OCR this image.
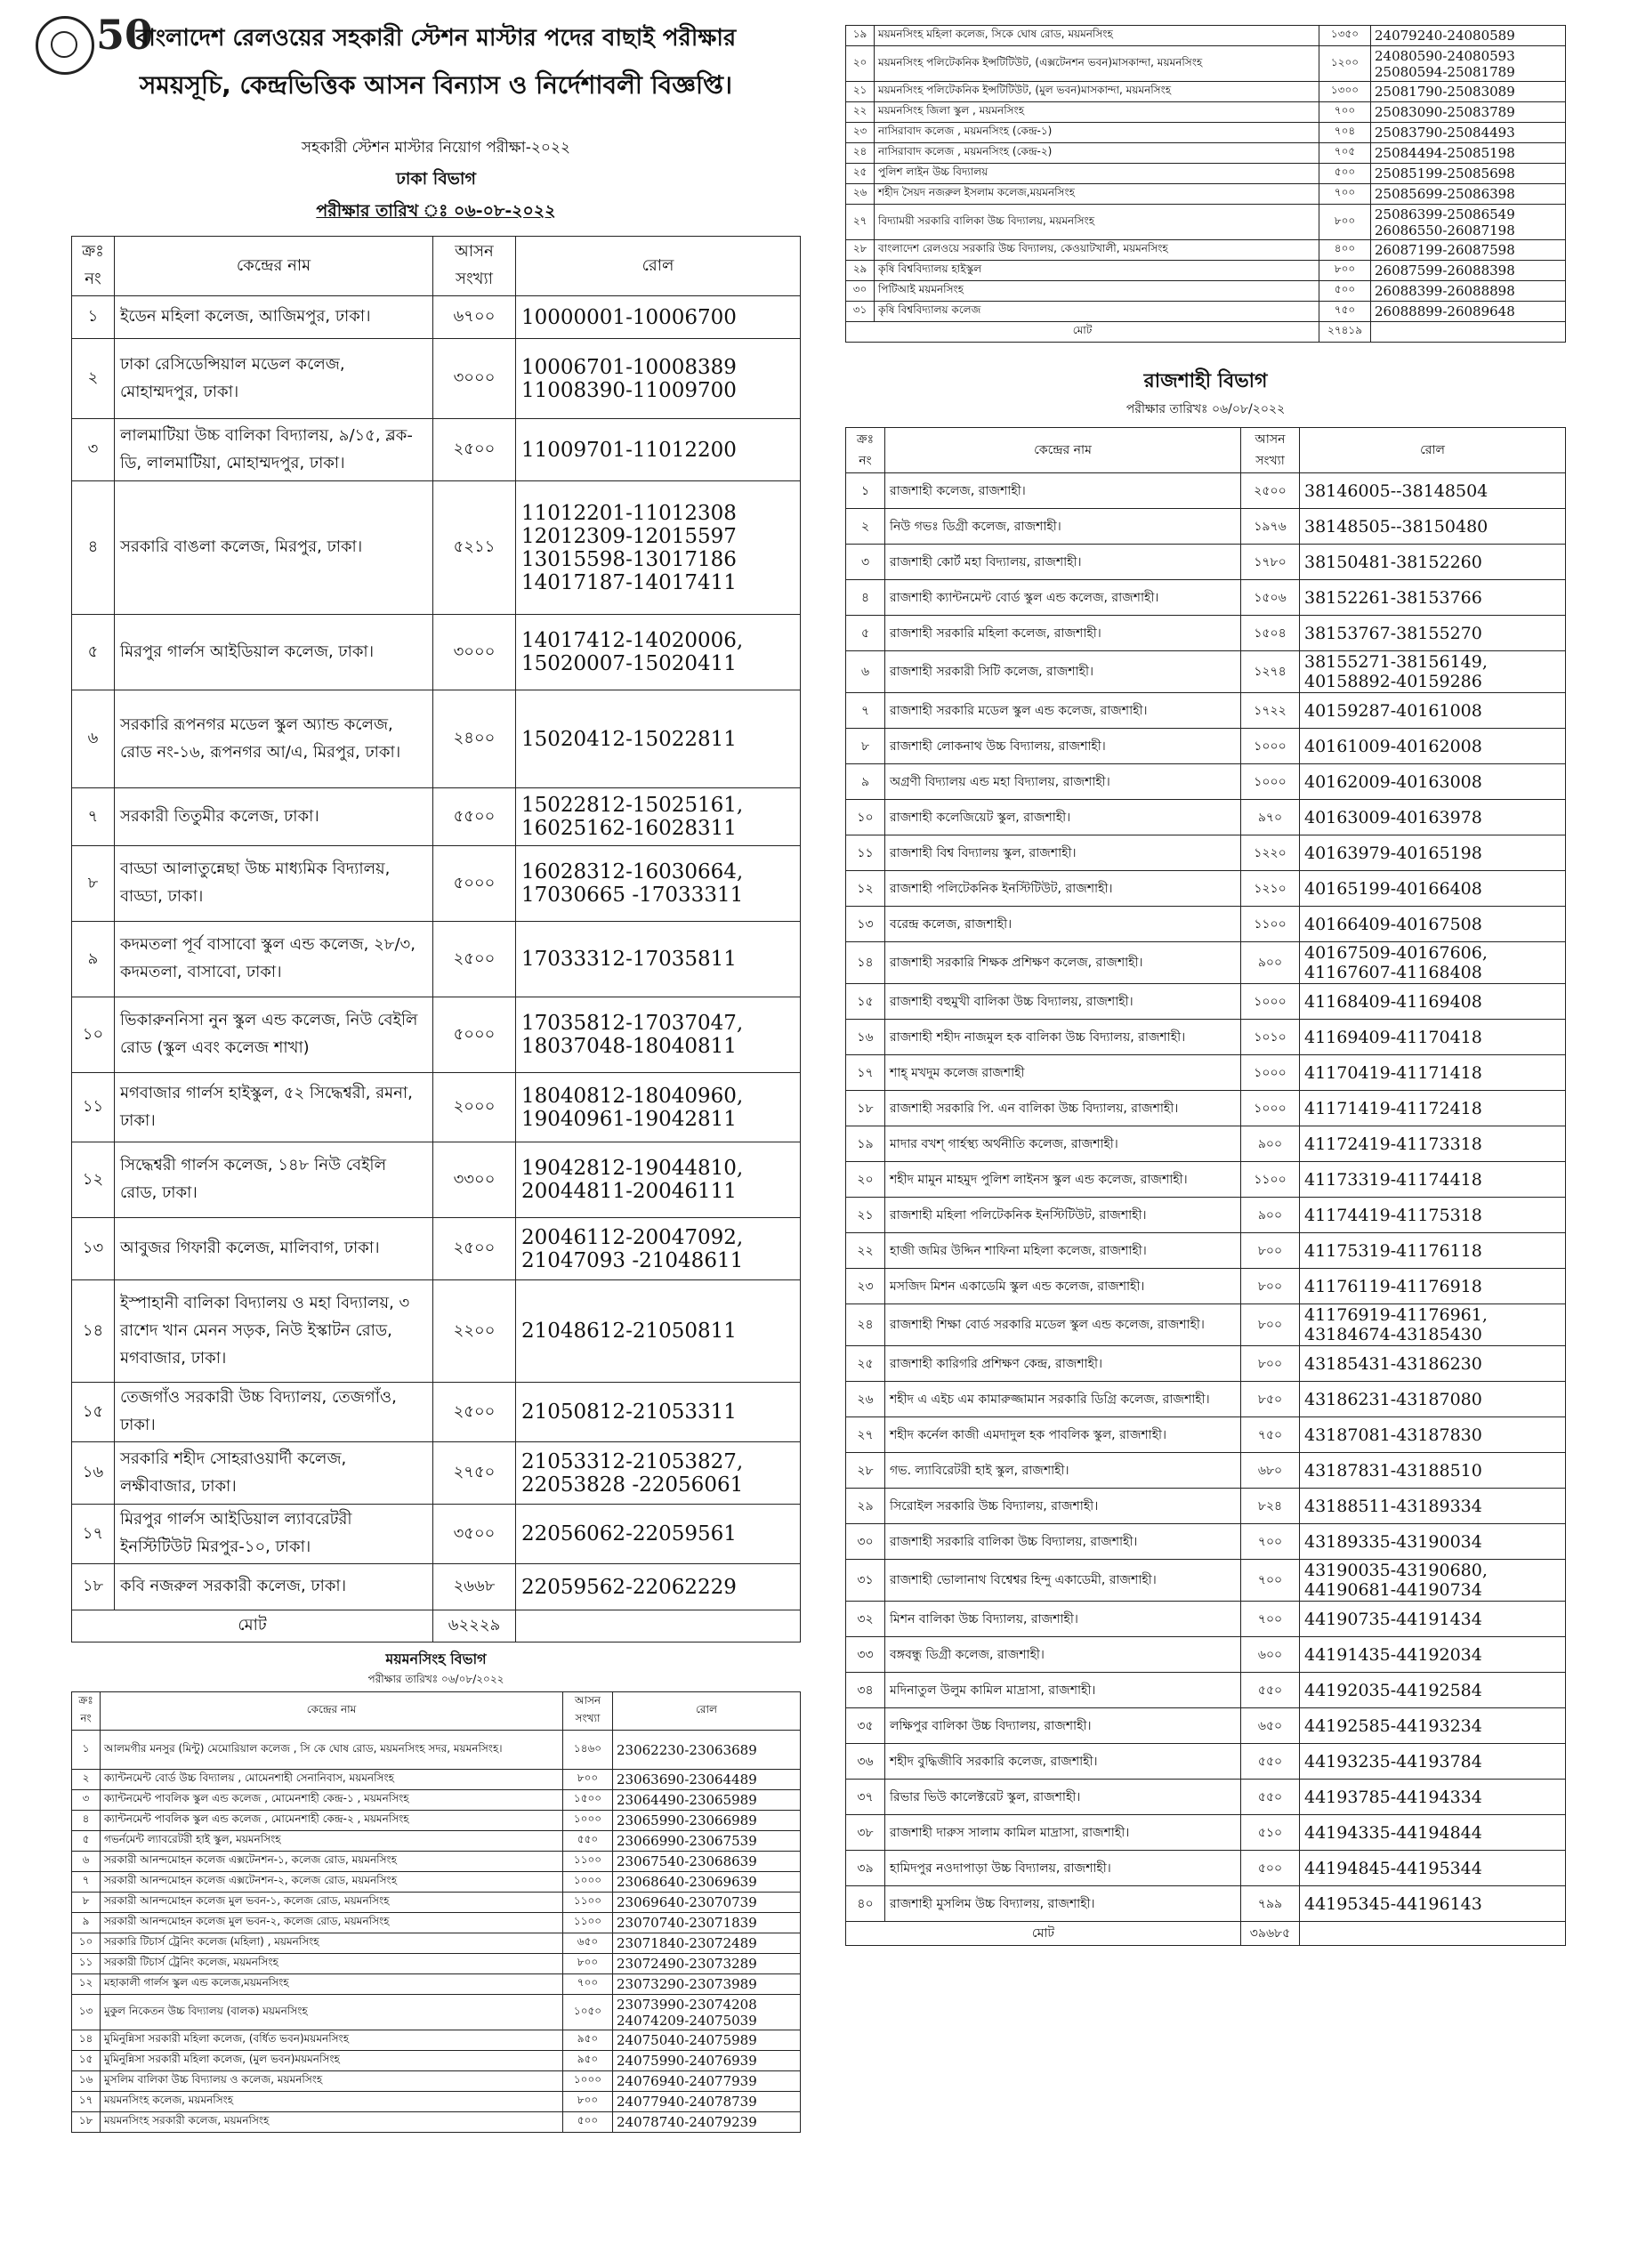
50
বাংলাদেশ রেলওয়ের সহকারী স্টেশন মাস্টার পদের বাছাই পরীক্ষার
সময়সূচি, কেন্দ্রভিত্তিক আসন বিন্যাস ও নির্দেশাবলী বিজ্ঞপ্তি।
সহকারী স্টেশন মাস্টার নিয়োগ পরীক্ষা-২০২২
ঢাকা বিভাগ
পরীক্ষার তারিখ ঃ ০৬-০৮-২০২২
ক্রঃ নং	কেন্দ্রের নাম	আসন সংখ্যা	রোল
১	ইডেন মহিলা কলেজ, আজিমপুর, ঢাকা।	৬৭০০	10000001-10006700
২	ঢাকা রেসিডেন্সিয়াল মডেল কলেজ, মোহাম্মদপুর, ঢাকা।	৩০০০	10006701-10008389 11008390-11009700
৩	লালমাটিয়া উচ্চ বালিকা বিদ্যালয়, ৯/১৫, ব্লক-ডি, লালমাটিয়া, মোহাম্মদপুর, ঢাকা।	২৫০০	11009701-11012200
৪	সরকারি বাঙলা কলেজ, মিরপুর, ঢাকা।	৫২১১	11012201-11012308 12012309-12015597 13015598-13017186 14017187-14017411
৫	মিরপুর গার্লস আইডিয়াল কলেজ, ঢাকা।	৩০০০	14017412-14020006, 15020007-15020411
৬	সরকারি রূপনগর মডেল স্কুল অ্যান্ড কলেজ, রোড নং-১৬, রূপনগর আ/এ, মিরপুর, ঢাকা।	২৪০০	15020412-15022811
৭	সরকারী তিতুমীর কলেজ, ঢাকা।	৫৫০০	15022812-15025161, 16025162-16028311
৮	বাড্ডা আলাতুন্নেছা উচ্চ মাধ্যমিক বিদ্যালয়, বাড্ডা, ঢাকা।	৫০০০	16028312-16030664, 17030665 -17033311
৯	কদমতলা পূর্ব বাসাবো স্কুল এন্ড কলেজ, ২৮/৩, কদমতলা, বাসাবো, ঢাকা।	২৫০০	17033312-17035811
১০	ভিকারুননিসা নুন স্কুল এন্ড কলেজ, নিউ বেইলি রোড (স্কুল এবং কলেজ শাখা)	৫০০০	17035812-17037047, 18037048-18040811
১১	মগবাজার গার্লস হাইস্কুল, ৫২ সিদ্ধেশ্বরী, রমনা, ঢাকা।	২০০০	18040812-18040960, 19040961-19042811
১২	সিদ্ধেশ্বরী গার্লস কলেজ, ১৪৮ নিউ বেইলি রোড, ঢাকা।	৩৩০০	19042812-19044810, 20044811-20046111
১৩	আবুজর গিফারী কলেজ, মালিবাগ, ঢাকা।	২৫০০	20046112-20047092, 21047093 -21048611
১৪	ইস্পাহানী বালিকা বিদ্যালয় ও মহা বিদ্যালয়, ৩ রাশেদ খান মেনন সড়ক, নিউ ইস্কাটন রোড, মগবাজার, ঢাকা।	২২০০	21048612-21050811
১৫	তেজগাঁও সরকারী উচ্চ বিদ্যালয়, তেজগাঁও, ঢাকা।	২৫০০	21050812-21053311
১৬	সরকারি শহীদ সোহরাওয়ার্দী কলেজ, লক্ষীবাজার, ঢাকা।	২৭৫০	21053312-21053827, 22053828 -22056061
১৭	মিরপুর গার্লস আইডিয়াল ল্যাবরেটরী ইনস্টিটিউট মিরপুর-১০, ঢাকা।	৩৫০০	22056062-22059561
১৮	কবি নজরুল সরকারী কলেজ, ঢাকা।	২৬৬৮	22059562-22062229
মোট		৬২২২৯	
ময়মনসিংহ বিভাগ
পরীক্ষার তারিখঃ ০৬/০৮/২০২২
ক্রঃ নং	কেন্দ্রের নাম	আসন সংখ্যা	রোল
১	আলমগীর মনসুর (মিন্টু) মেমোরিয়াল কলেজ , সি কে ঘোষ রোড, ময়মনসিংহ সদর, ময়মনসিংহ।	১৪৬০	23062230-23063689
২	ক্যান্টনমেন্ট বোর্ড উচ্চ বিদ্যালয় , মোমেনশাহী সেনানিবাস, ময়মনসিংহ	৮০০	23063690-23064489
৩	ক্যান্টনমেন্ট পাবলিক স্কুল এন্ড কলেজ , মোমেনশাহী কেন্দ্র-১ , ময়মনসিংহ	১৫০০	23064490-23065989
৪	ক্যান্টনমেন্ট পাবলিক স্কুল এন্ড কলেজ , মোমেনশাহী কেন্দ্র-২ , ময়মনসিংহ	১০০০	23065990-23066989
৫	গভর্নমেন্ট ল্যাবরেটরী হাই স্কুল, ময়মনসিংহ	৫৫০	23066990-23067539
৬	সরকারী আনন্দমোহন কলেজ এক্সটেনশন-১, কলেজ রোড, ময়মনসিংহ	১১০০	23067540-23068639
৭	সরকারী আনন্দমোহন কলেজ এক্সটেনশন-২, কলেজ রোড, ময়মনসিংহ	১০০০	23068640-23069639
৮	সরকারী আনন্দমোহন কলেজ মুল ভবন-১, কলেজ রোড, ময়মনসিংহ	১১০০	23069640-23070739
৯	সরকারী আনন্দমোহন কলেজ মুল ভবন-২, কলেজ রোড, ময়মনসিংহ	১১০০	23070740-23071839
১০	সরকারি টিচার্স ট্রেনিং কলেজ (মহিলা) , ময়মনসিংহ	৬৫০	23071840-23072489
১১	সরকারী টিচার্স ট্রেনিং কলেজ, ময়মনসিংহ	৮০০	23072490-23073289
১২	মহাকালী গার্লস স্কুল এন্ড কলেজ,ময়মনসিংহ	৭০০	23073290-23073989
১৩	মুকুল নিকেতন উচ্চ বিদ্যালয় (বালক) ময়মনসিংহ	১০৫০	23073990-23074208 24074209-24075039
১৪	মুমিনুন্নিসা সরকারী মহিলা কলেজ, (বর্ধিত ভবন)ময়মনসিংহ	৯৫০	24075040-24075989
১৫	মুমিনুন্নিসা সরকারী মহিলা কলেজ, (মুল ভবন)ময়মনসিংহ	৯৫০	24075990-24076939
১৬	মুসলিম বালিকা উচ্চ বিদ্যালয় ও কলেজ, ময়মনসিংহ	১০০০	24076940-24077939
১৭	ময়মনসিংহ কলেজ, ময়মনসিংহ	৮০০	24077940-24078739
১৮	ময়মনসিংহ সরকারী কলেজ, ময়মনসিংহ	৫০০	24078740-24079239
১৯	ময়মনসিংহ মহিলা কলেজ, সিকে ঘোষ রোড, ময়মনসিংহ	১৩৫০	24079240-24080589
২০	ময়মনসিংহ পলিটেকনিক ইন্সটিটিউট, (এক্সটেনশন ভবন)মাসকান্দা, ময়মনসিংহ	১২০০	24080590-24080593 25080594-25081789
২১	ময়মনসিংহ পলিটেকনিক ইন্সটিটিউট, (মুল ভবন)মাসকান্দা, ময়মনসিংহ	১৩০০	25081790-25083089
২২	ময়মনসিংহ জিলা স্কুল , ময়মনসিংহ	৭০০	25083090-25083789
২৩	নাসিরাবাদ কলেজ , ময়মনসিংহ (কেন্দ্র-১)	৭০৪	25083790-25084493
২৪	নাসিরাবাদ কলেজ , ময়মনসিংহ (কেন্দ্র-২)	৭০৫	25084494-25085198
২৫	পুলিশ লাইন উচ্চ বিদ্যালয়	৫০০	25085199-25085698
২৬	শহীদ সৈয়দ নজরুল ইসলাম কলেজ,ময়মনসিংহ	৭০০	25085699-25086398
২৭	বিদ্যাময়ী সরকারি বালিকা উচ্চ বিদ্যালয়, ময়মনসিংহ	৮০০	25086399-25086549 26086550-26087198
২৮	বাংলাদেশ রেলওয়ে সরকারি উচ্চ বিদ্যালয়, কেওয়াটখালী, ময়মনসিংহ	৪০০	26087199-26087598
২৯	কৃষি বিশ্ববিদ্যালয় হাইস্কুল	৮০০	26087599-26088398
৩০	পিটিআই ময়মনসিংহ	৫০০	26088399-26088898
৩১	কৃষি বিশ্ববিদ্যালয় কলেজ	৭৫০	26088899-26089648
মোট		২৭৪১৯	
রাজশাহী বিভাগ
পরীক্ষার তারিখঃ ০৬/০৮/২০২২
ক্রঃ নং	কেন্দ্রের নাম	আসন সংখ্যা	রোল
১	রাজশাহী কলেজ, রাজশাহী।	২৫০০	38146005--38148504
২	নিউ গভঃ ডিগ্রী কলেজ, রাজশাহী।	১৯৭৬	38148505--38150480
৩	রাজশাহী কোর্ট মহা বিদ্যালয়, রাজশাহী।	১৭৮০	38150481-38152260
৪	রাজশাহী ক্যান্টনমেন্ট বোর্ড স্কুল এন্ড কলেজ, রাজশাহী।	১৫০৬	38152261-38153766
৫	রাজশাহী সরকারি মহিলা কলেজ, রাজশাহী।	১৫০৪	38153767-38155270
৬	রাজশাহী সরকারী সিটি কলেজ, রাজশাহী।	১২৭৪	38155271-38156149, 40158892-40159286
৭	রাজশাহী সরকারি মডেল স্কুল এন্ড কলেজ, রাজশাহী।	১৭২২	40159287-40161008
৮	রাজশাহী লোকনাথ উচ্চ বিদ্যালয়, রাজশাহী।	১০০০	40161009-40162008
৯	অগ্রণী বিদ্যালয় এন্ড মহা বিদ্যালয়, রাজশাহী।	১০০০	40162009-40163008
১০	রাজশাহী কলেজিয়েট স্কুল, রাজশাহী।	৯৭০	40163009-40163978
১১	রাজশাহী বিশ্ব বিদ্যালয় স্কুল, রাজশাহী।	১২২০	40163979-40165198
১২	রাজশাহী পলিটেকনিক ইনস্টিটিউট, রাজশাহী।	১২১০	40165199-40166408
১৩	বরেন্দ্র কলেজ, রাজশাহী।	১১০০	40166409-40167508
১৪	রাজশাহী সরকারি শিক্ষক প্রশিক্ষণ কলেজ, রাজশাহী।	৯০০	40167509-40167606, 41167607-41168408
১৫	রাজশাহী বহুমুখী বালিকা উচ্চ বিদ্যালয়, রাজশাহী।	১০০০	41168409-41169408
১৬	রাজশাহী শহীদ নাজমুল হক বালিকা উচ্চ বিদ্যালয়, রাজশাহী।	১০১০	41169409-41170418
১৭	শাহ্ মখদুম কলেজ রাজশাহী	১০০০	41170419-41171418
১৮	রাজশাহী সরকারি পি. এন বালিকা উচ্চ বিদ্যালয়, রাজশাহী।	১০০০	41171419-41172418
১৯	মাদার বখশ্ গার্হস্থ্য অর্থনীতি কলেজ, রাজশাহী।	৯০০	41172419-41173318
২০	শহীদ মামুন মাহমুদ পুলিশ লাইনস স্কুল এন্ড কলেজ, রাজশাহী।	১১০০	41173319-41174418
২১	রাজশাহী মহিলা পলিটেকনিক ইনস্টিটিউট, রাজশাহী।	৯০০	41174419-41175318
২২	হাজী জমির উদ্দিন শাফিনা মহিলা কলেজ, রাজশাহী।	৮০০	41175319-41176118
২৩	মসজিদ মিশন একাডেমি স্কুল এন্ড কলেজ, রাজশাহী।	৮০০	41176119-41176918
২৪	রাজশাহী শিক্ষা বোর্ড সরকারি মডেল স্কুল এন্ড কলেজ, রাজশাহী।	৮০০	41176919-41176961, 43184674-43185430
২৫	রাজশাহী কারিগরি প্রশিক্ষণ কেন্দ্র, রাজশাহী।	৮০০	43185431-43186230
২৬	শহীদ এ এইচ এম কামারুজ্জামান সরকারি ডিগ্রি কলেজ, রাজশাহী।	৮৫০	43186231-43187080
২৭	শহীদ কর্নেল কাজী এমদাদুল হক পাবলিক স্কুল, রাজশাহী।	৭৫০	43187081-43187830
২৮	গভ. ল্যাবিরেটরী হাই স্কুল, রাজশাহী।	৬৮০	43187831-43188510
২৯	সিরোইল সরকারি উচ্চ বিদ্যালয়, রাজশাহী।	৮২৪	43188511-43189334
৩০	রাজশাহী সরকারি বালিকা উচ্চ বিদ্যালয়, রাজশাহী।	৭০০	43189335-43190034
৩১	রাজশাহী ভোলানাথ বিশ্বেশ্বর হিন্দু একাডেমী, রাজশাহী।	৭০০	43190035-43190680, 44190681-44190734
৩২	মিশন বালিকা উচ্চ বিদ্যালয়, রাজশাহী।	৭০০	44190735-44191434
৩৩	বঙ্গবন্ধু ডিগ্রী কলেজ, রাজশাহী।	৬০০	44191435-44192034
৩৪	মদিনাতুল উলুম কামিল মাদ্রাসা, রাজশাহী।	৫৫০	44192035-44192584
৩৫	লক্ষিপুর বালিকা উচ্চ বিদ্যালয়, রাজশাহী।	৬৫০	44192585-44193234
৩৬	শহীদ বুদ্ধিজীবি সরকারি কলেজ, রাজশাহী।	৫৫০	44193235-44193784
৩৭	রিভার ভিউ কালেক্টরেট স্কুল, রাজশাহী।	৫৫০	44193785-44194334
৩৮	রাজশাহী দারুস সালাম কামিল মাদ্রাসা, রাজশাহী।	৫১০	44194335-44194844
৩৯	হামিদপুর নওদাপাড়া উচ্চ বিদ্যালয়, রাজশাহী।	৫০০	44194845-44195344
৪০	রাজশাহী মুসলিম উচ্চ বিদ্যালয়, রাজশাহী।	৭৯৯	44195345-44196143
মোট		৩৯৬৮৫	
